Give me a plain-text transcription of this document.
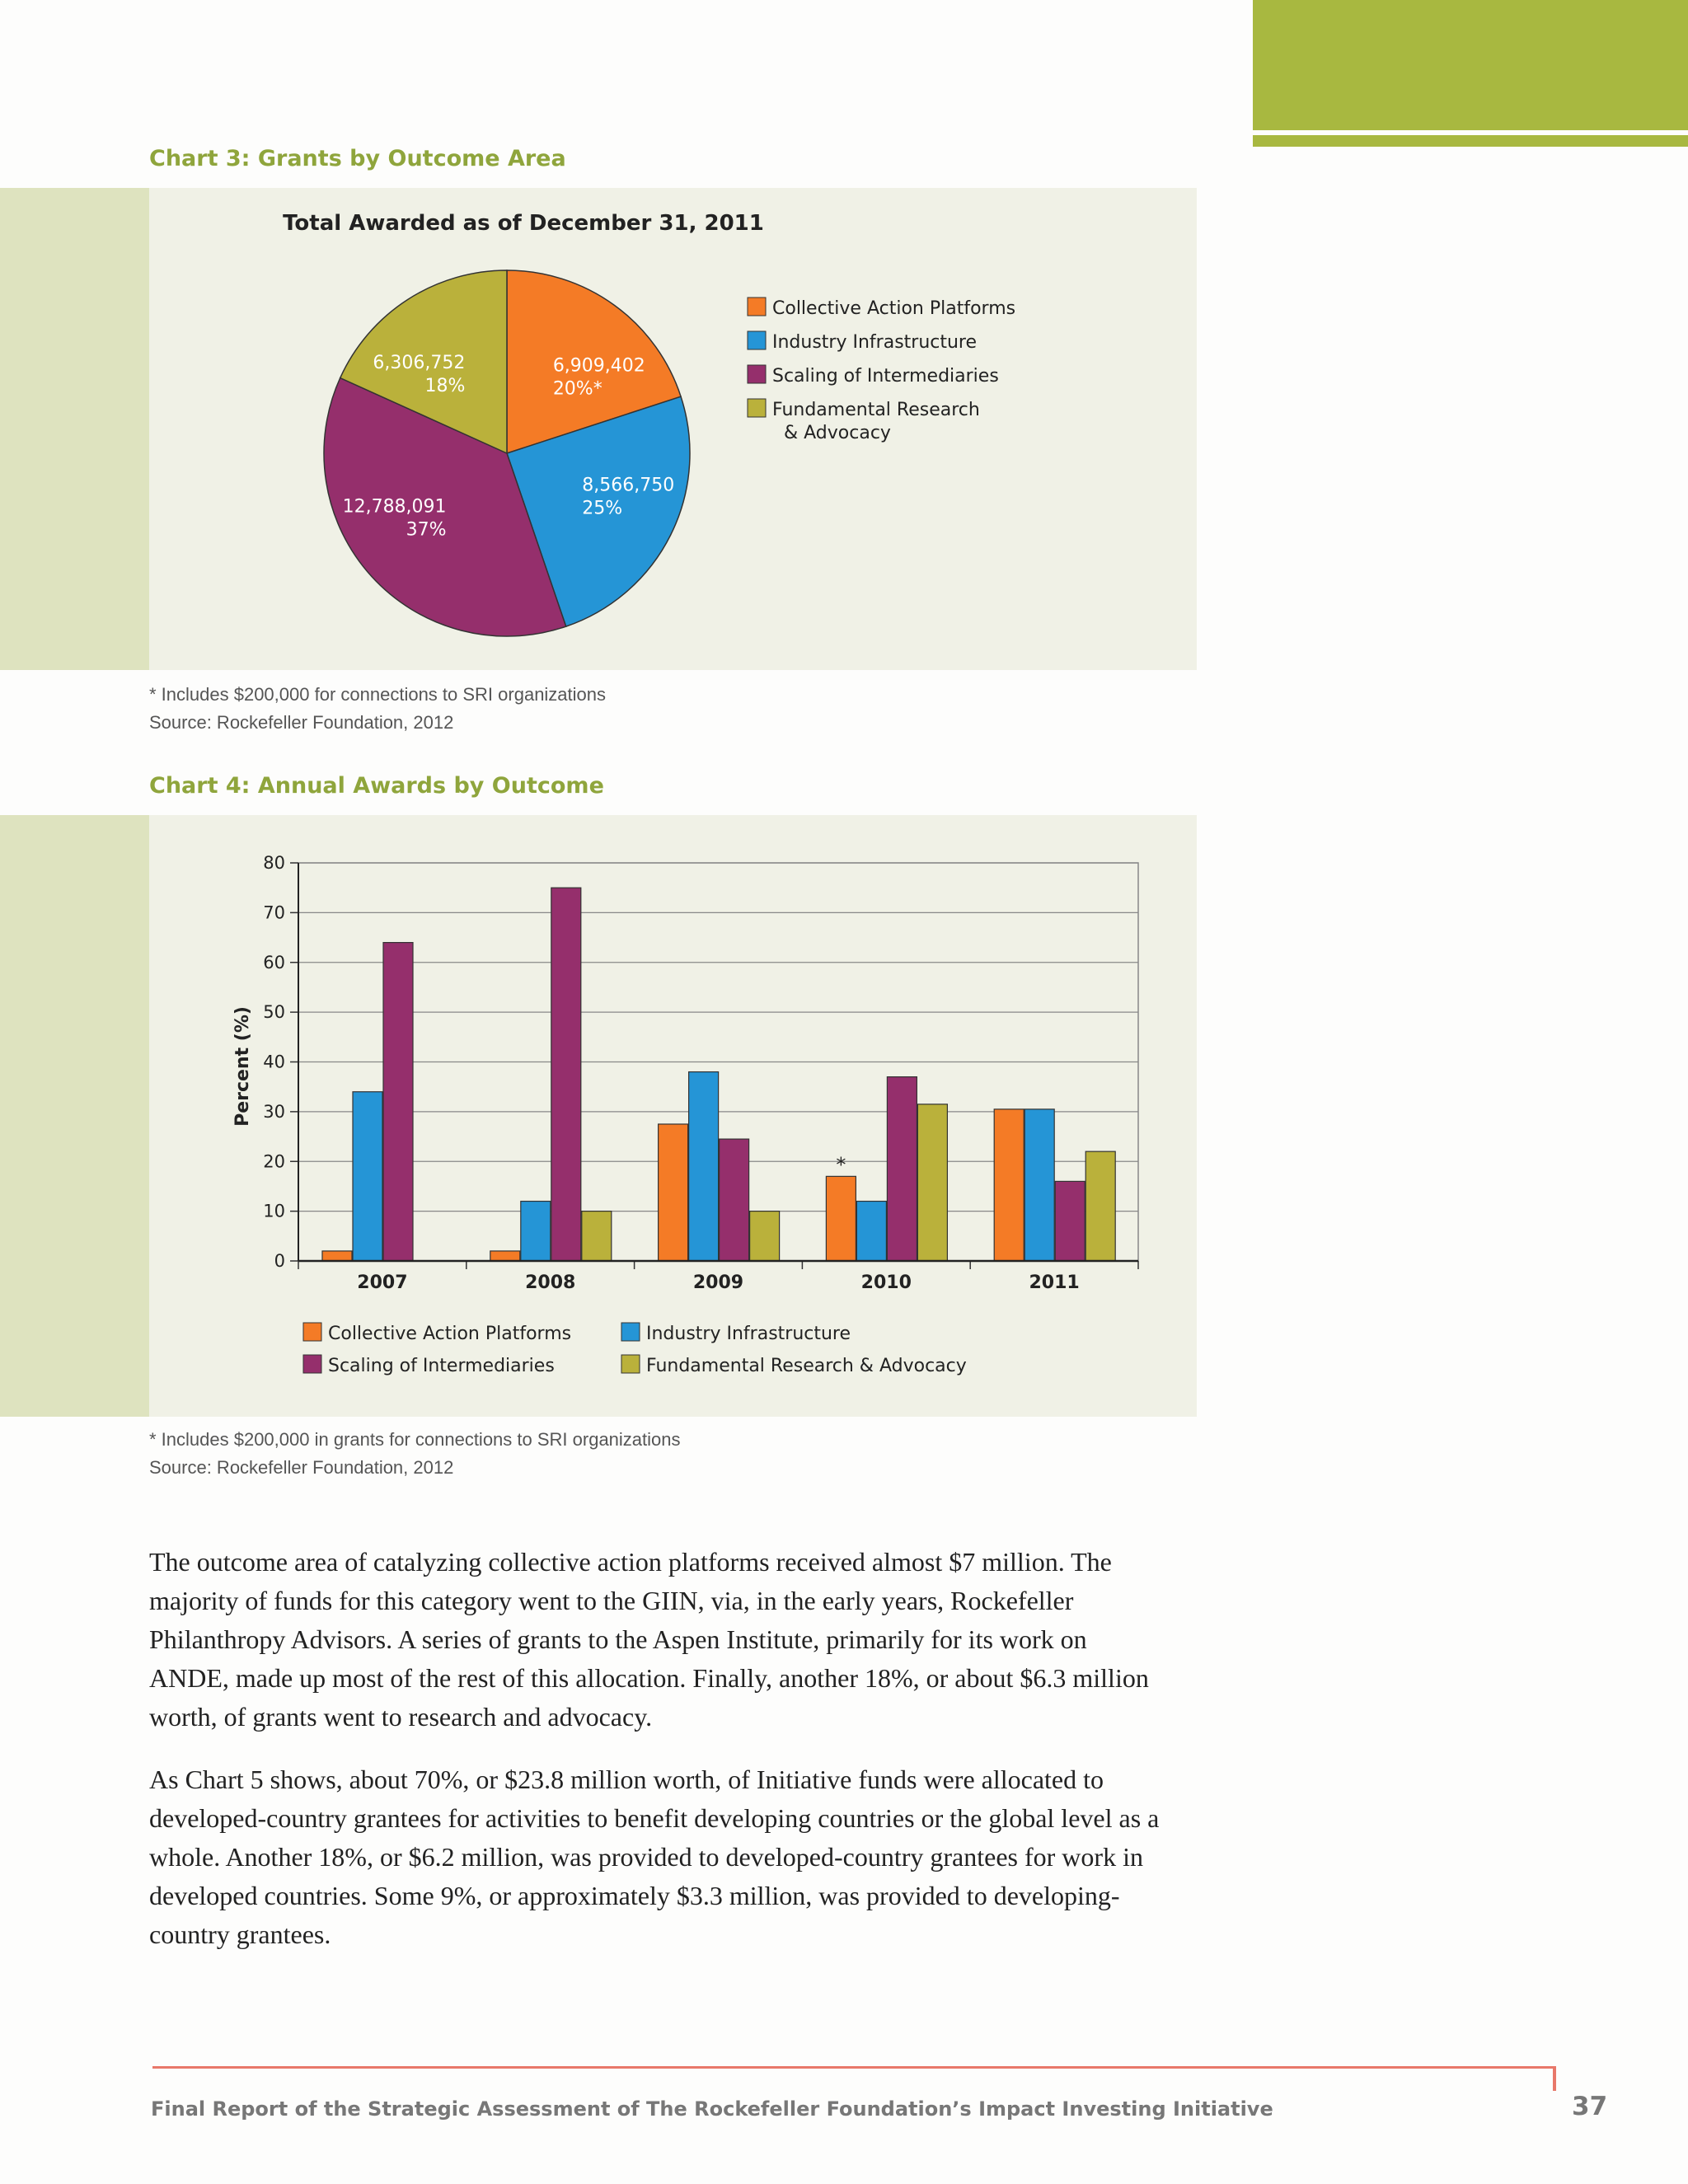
Chart 3: Grants by Outcome Area
Total Awarded as of December 31, 2011
6,909,402
20%*
8,566,750
25%
12,788,091
37%
6,306,752
18%
Collective Action Platforms
Industry Infrastructure
Scaling of Intermediaries
Fundamental Research
& Advocacy
* Includes $200,000 for connections to SRI organizations
Source: Rockefeller Foundation, 2012
Chart 4: Annual Awards by Outcome
*
0
10
20
30
40
50
60
70
80
2007	2008	2009	2010	2011
Percent (%)
Collective Action Platforms	Industry Infrastructure
Scaling of Intermediaries	Fundamental Research & Advocacy
* Includes $200,000 in grants for connections to SRI organizations
Source: Rockefeller Foundation, 2012

The outcome area of catalyzing collective action platforms received almost $7 million. The majority of funds for this category went to the GIIN, via, in the early years, Rockefeller Philanthropy Advisors. A series of grants to the Aspen Institute, primarily for its work on ANDE, made up most of the rest of this allocation. Finally, another 18%, or about $6.3 million worth, of grants went to research and advocacy.

As Chart 5 shows, about 70%, or $23.8 million worth, of Initiative funds were allocated to developed-country grantees for activities to benefit developing countries or the global level as a whole. Another 18%, or $6.2 million, was provided to developed-country grantees for work in developed countries. Some 9%, or approximately $3.3 million, was provided to developing-country grantees.

Final Report of the Strategic Assessment of The Rockefeller Foundation’s Impact Investing Initiative	37
